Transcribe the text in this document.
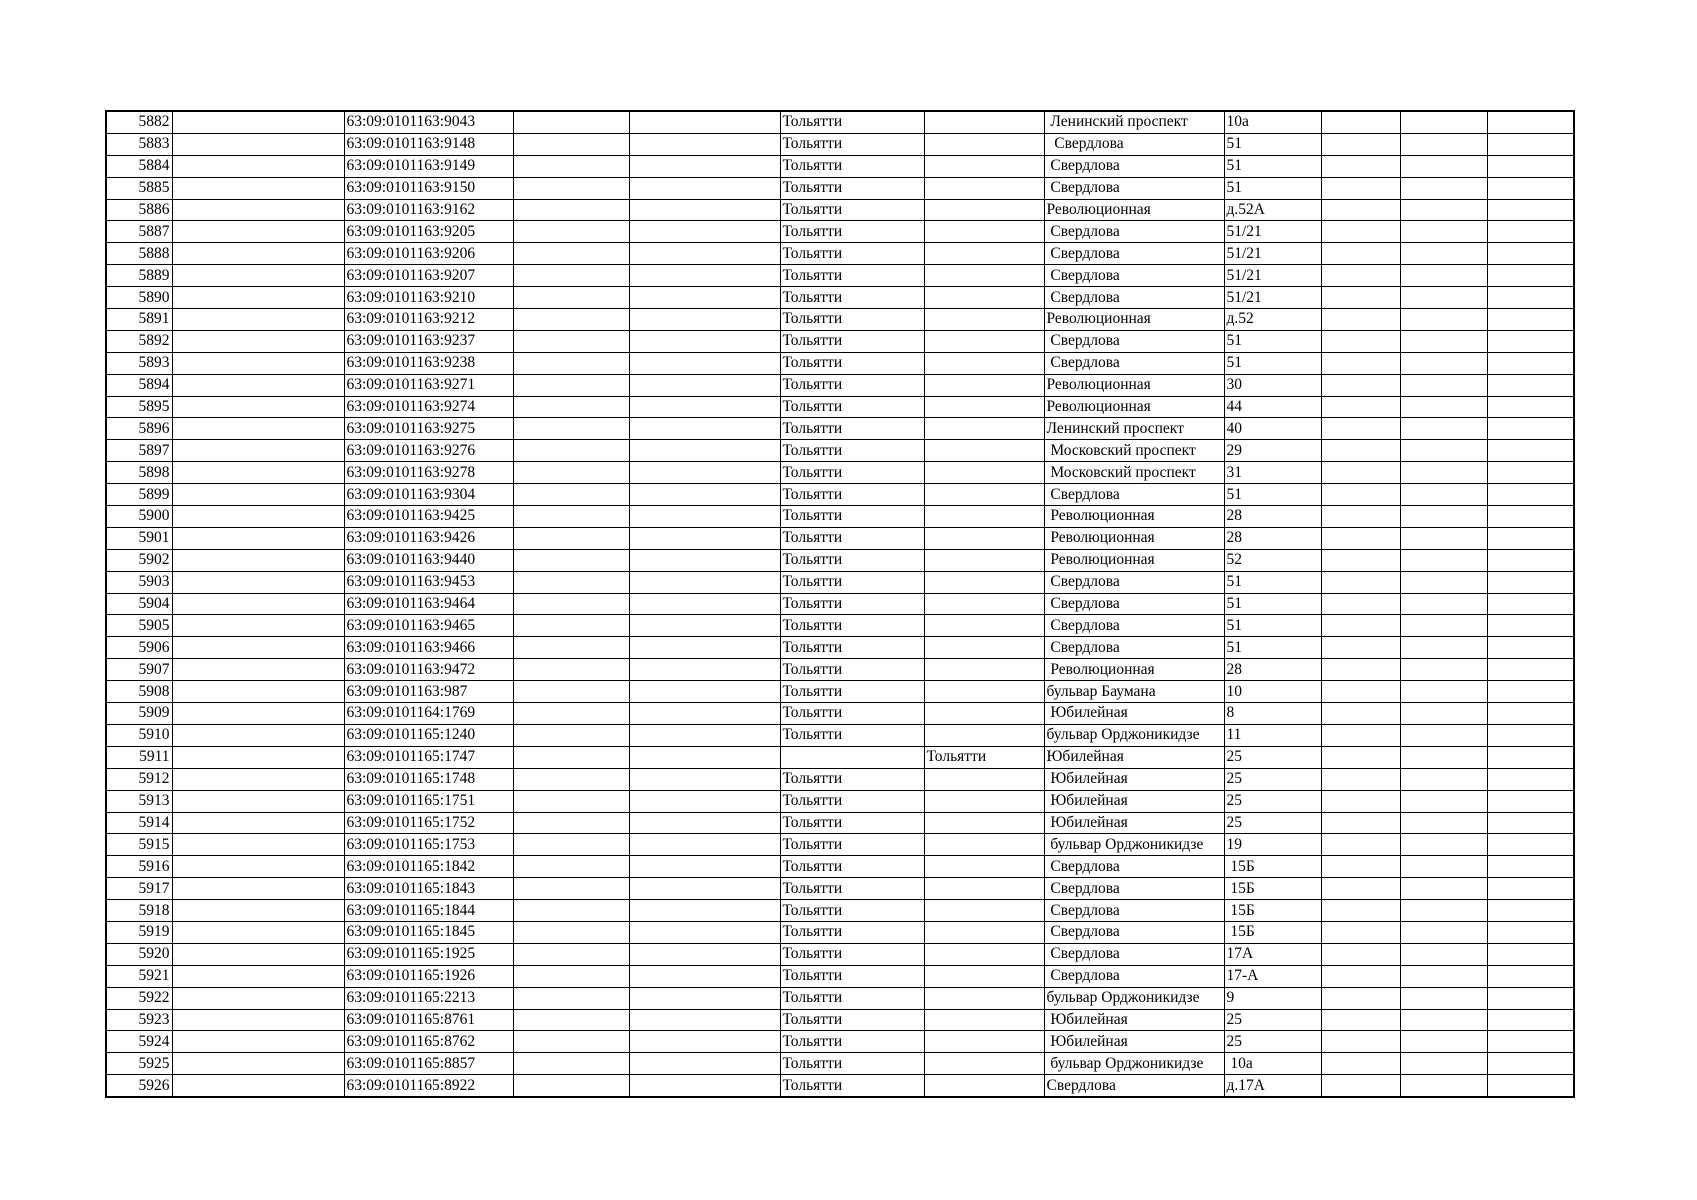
5882		63:09:0101163:9043			Тольятти		Ленинский проспект	10а			
5883		63:09:0101163:9148			Тольятти		Свердлова	51			
5884		63:09:0101163:9149			Тольятти		Свердлова	51			
5885		63:09:0101163:9150			Тольятти		Свердлова	51			
5886		63:09:0101163:9162			Тольятти		Революционная	д.52А			
5887		63:09:0101163:9205			Тольятти		Свердлова	51/21			
5888		63:09:0101163:9206			Тольятти		Свердлова	51/21			
5889		63:09:0101163:9207			Тольятти		Свердлова	51/21			
5890		63:09:0101163:9210			Тольятти		Свердлова	51/21			
5891		63:09:0101163:9212			Тольятти		Революционная	д.52			
5892		63:09:0101163:9237			Тольятти		Свердлова	51			
5893		63:09:0101163:9238			Тольятти		Свердлова	51			
5894		63:09:0101163:9271			Тольятти		Революционная	30			
5895		63:09:0101163:9274			Тольятти		Революционная	44			
5896		63:09:0101163:9275			Тольятти		Ленинский проспект	40			
5897		63:09:0101163:9276			Тольятти		Московский проспект	29			
5898		63:09:0101163:9278			Тольятти		Московский проспект	31			
5899		63:09:0101163:9304			Тольятти		Свердлова	51			
5900		63:09:0101163:9425			Тольятти		Революционная	28			
5901		63:09:0101163:9426			Тольятти		Революционная	28			
5902		63:09:0101163:9440			Тольятти		Революционная	52			
5903		63:09:0101163:9453			Тольятти		Свердлова	51			
5904		63:09:0101163:9464			Тольятти		Свердлова	51			
5905		63:09:0101163:9465			Тольятти		Свердлова	51			
5906		63:09:0101163:9466			Тольятти		Свердлова	51			
5907		63:09:0101163:9472			Тольятти		Революционная	28			
5908		63:09:0101163:987			Тольятти		бульвар Баумана	10			
5909		63:09:0101164:1769			Тольятти		Юбилейная	8			
5910		63:09:0101165:1240			Тольятти		бульвар Орджоникидзе	11			
5911		63:09:0101165:1747				Тольятти	Юбилейная	25			
5912		63:09:0101165:1748			Тольятти		Юбилейная	25			
5913		63:09:0101165:1751			Тольятти		Юбилейная	25			
5914		63:09:0101165:1752			Тольятти		Юбилейная	25			
5915		63:09:0101165:1753			Тольятти		бульвар Орджоникидзе	19			
5916		63:09:0101165:1842			Тольятти		Свердлова	15Б			
5917		63:09:0101165:1843			Тольятти		Свердлова	15Б			
5918		63:09:0101165:1844			Тольятти		Свердлова	15Б			
5919		63:09:0101165:1845			Тольятти		Свердлова	15Б			
5920		63:09:0101165:1925			Тольятти		Свердлова	17А			
5921		63:09:0101165:1926			Тольятти		Свердлова	17-А			
5922		63:09:0101165:2213			Тольятти		бульвар Орджоникидзе	9			
5923		63:09:0101165:8761			Тольятти		Юбилейная	25			
5924		63:09:0101165:8762			Тольятти		Юбилейная	25			
5925		63:09:0101165:8857			Тольятти		бульвар Орджоникидзе	10а			
5926		63:09:0101165:8922			Тольятти		Свердлова	д.17А			
